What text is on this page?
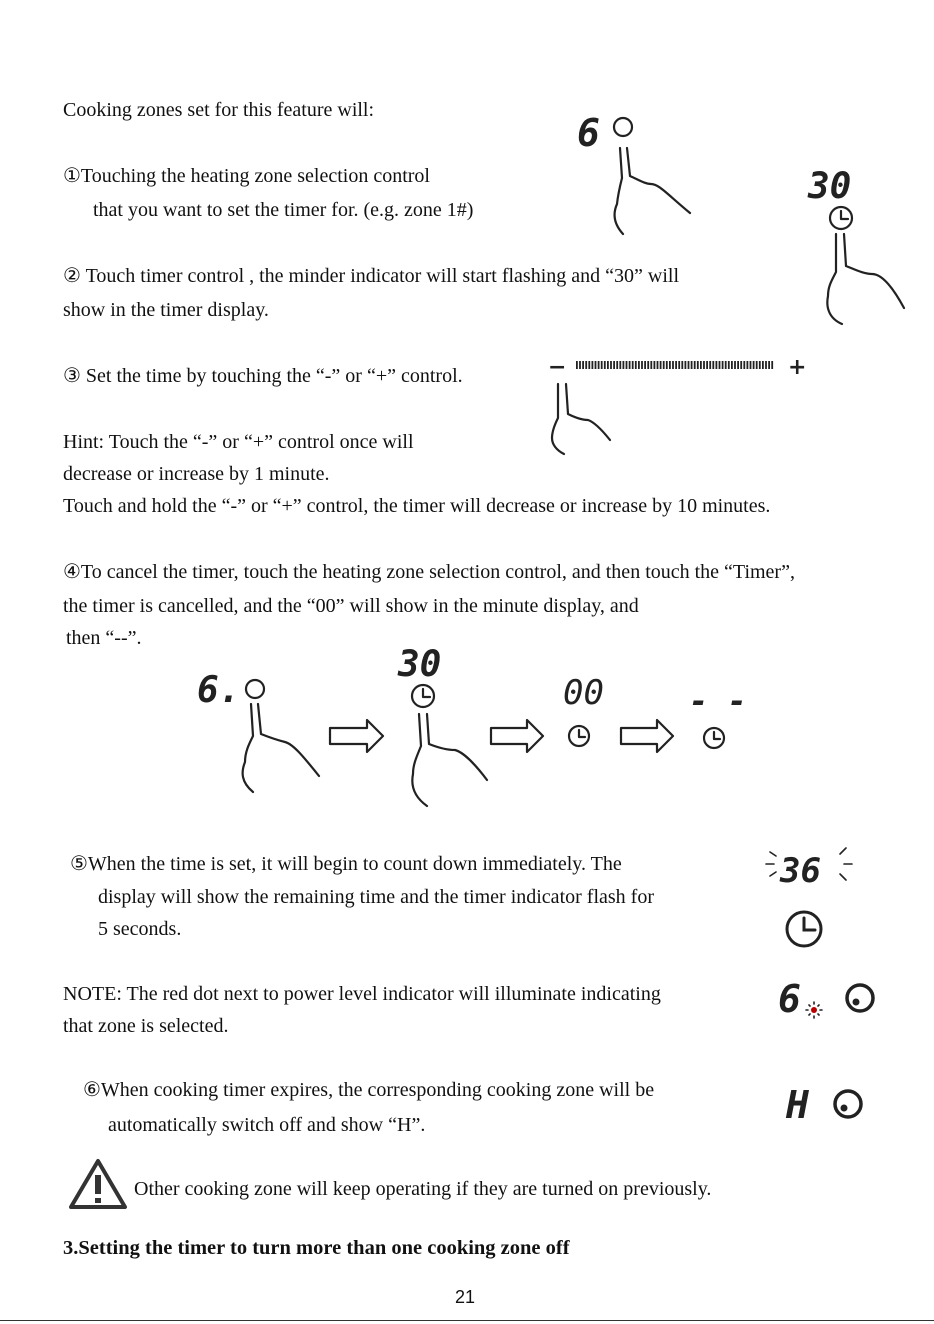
Cooking zones set for this feature will:
①Touching the heating zone selection control
that you want to set the timer for. (e.g. zone 1#)
② Touch timer control , the minder indicator will start flashing and “30” will
show in the timer display.
③ Set the time by touching the “-” or “+” control.
Hint: Touch the “-” or “+” control once will
decrease or increase by 1 minute.
Touch and hold the “-” or “+” control, the timer will decrease or increase by 10 minutes.
④To cancel the timer, touch the heating zone selection control, and then touch the “Timer”,
the timer is cancelled, and the “00” will show in the minute display, and
then “--”.
⑤When the time is set, it will begin to count down immediately. The
display will show the remaining time and the timer indicator flash for
5 seconds.
NOTE: The red dot next to power level indicator will illuminate indicating
that zone is selected.
⑥When cooking timer expires, the corresponding cooking zone will be
automatically switch off and show “H”.
Other cooking zone will keep operating if they are turned on previously.
3.Setting the timer to turn more than one cooking zone off
21
6
30
−	+
6.
30
00	- -
36
6
H
